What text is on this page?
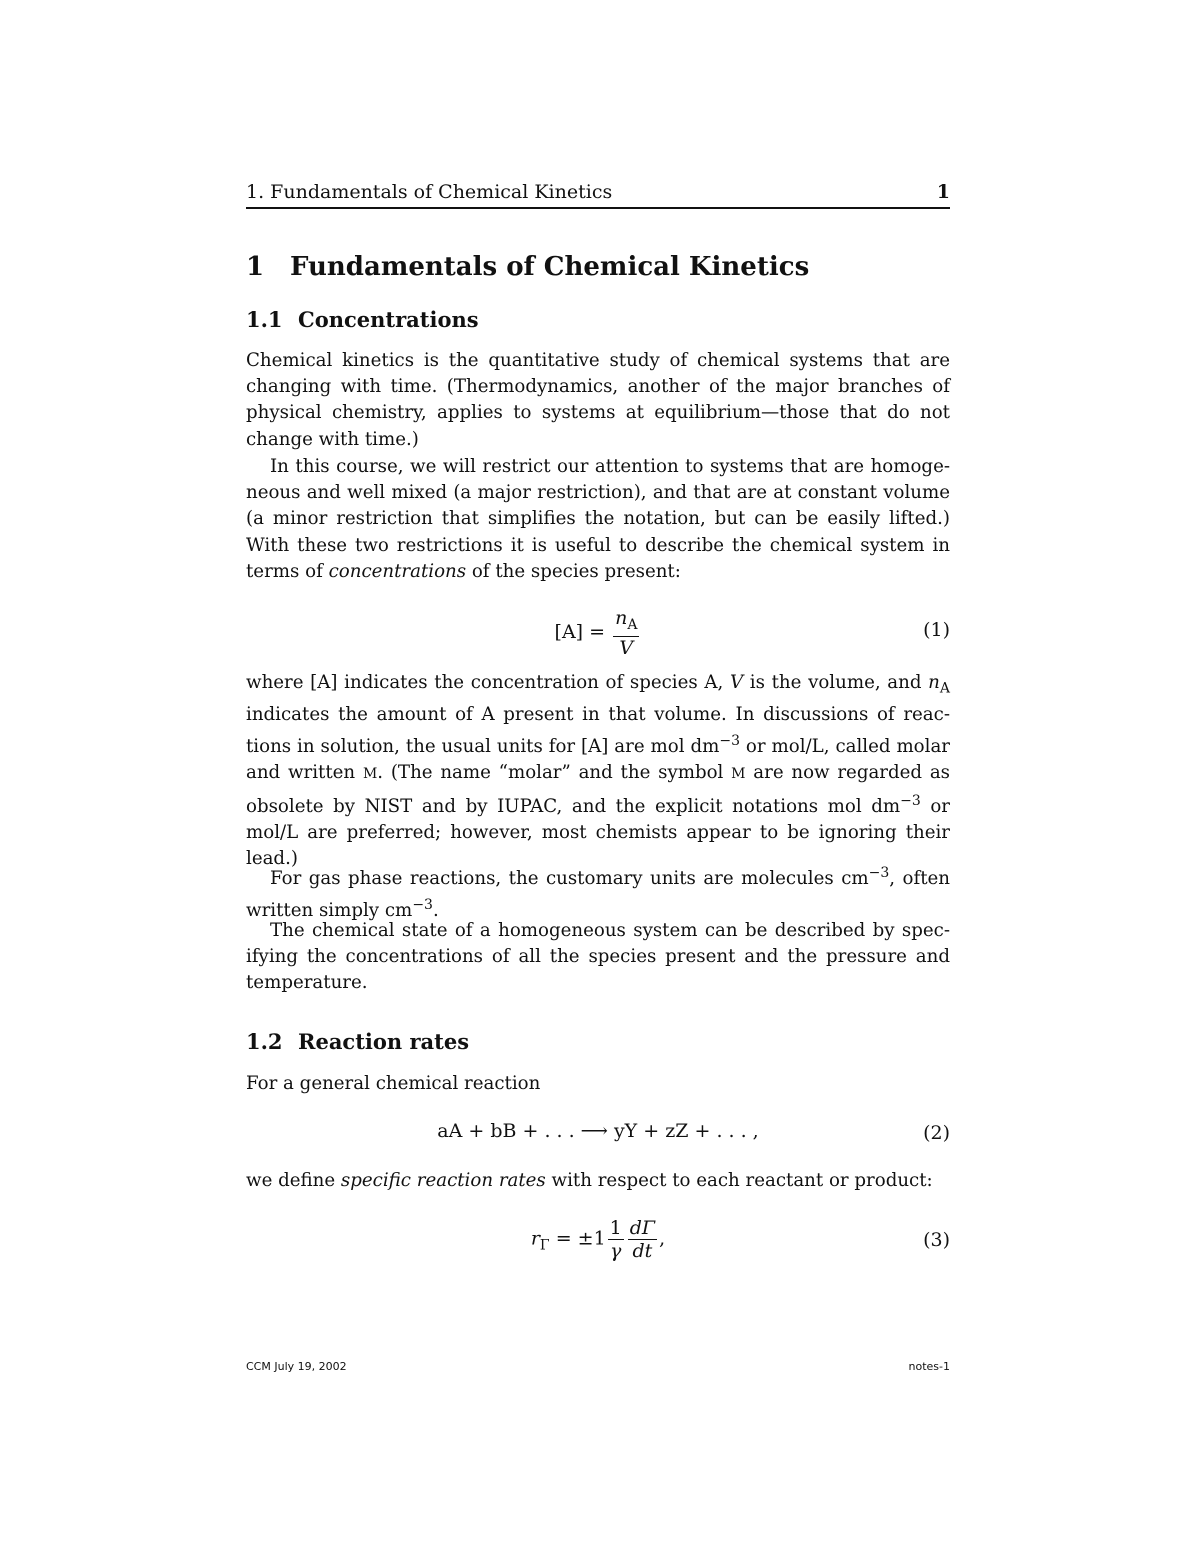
1. Fundamentals of Chemical Kinetics	1
1 Fundamentals of Chemical Kinetics
1.1 Concentrations

Chemical kinetics is the quantitative study of chemical systems that are changing with time. (Thermodynamics, another of the major branches of physical chemistry, applies to systems at equilibrium—those that do not change with time.)

In this course, we will restrict our attention to systems that are homogeneous and well mixed (a major restriction), and that are at constant volume (a minor restriction that simplifies the notation, but can be easily lifted.) With these two restrictions it is useful to describe the chemical system in terms of concentrations of the species present:

$[A] = \frac{n_A}{V}$	(1)

where [A] indicates the concentration of species A, V is the volume, and $n_A$ indicates the amount of A present in that volume. In discussions of reactions in solution, the usual units for [A] are mol $dm^{-3}$ or mol/L, called molar and written M. (The name “molar” and the symbol M are now regarded as obsolete by NIST and by IUPAC, and the explicit notations mol $dm^{-3}$ or mol/L are preferred; however, most chemists appear to be ignoring their lead.)

For gas phase reactions, the customary units are molecules $cm^{-3}$, often written simply $cm^{-3}$.

The chemical state of a homogeneous system can be described by specifying the concentrations of all the species present and the pressure and temperature.

1.2 Reaction rates

For a general chemical reaction

aA + bB + . . . ⟶ yY + zZ + . . . ,	(2)

we define specific reaction rates with respect to each reactant or product:

$r_\Gamma = \pm 1 \frac{1}{\gamma} \frac{d\Gamma}{dt}$ ,	(3)
CCM July 19, 2002	notes-1
